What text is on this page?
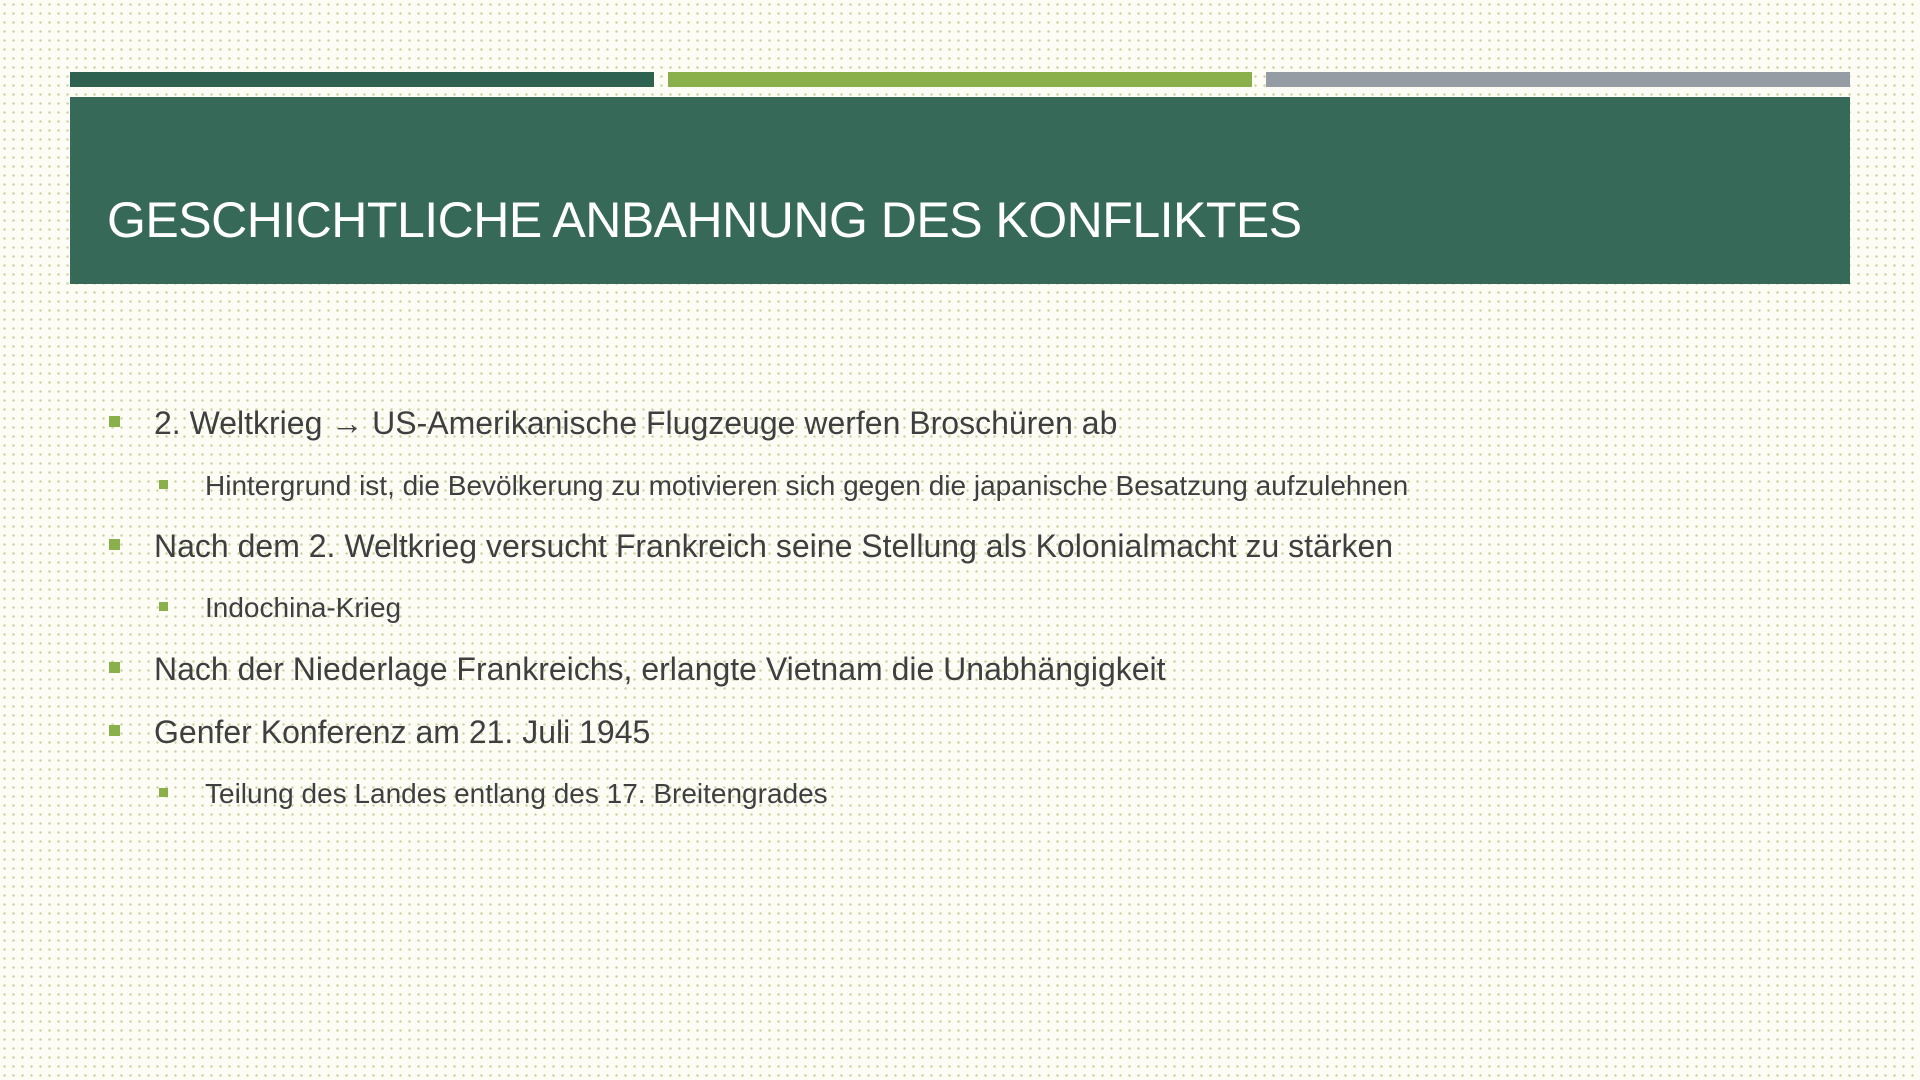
GESCHICHTLICHE ANBAHNUNG DES KONFLIKTES
2. Weltkrieg → US-Amerikanische Flugzeuge werfen Broschüren ab
Hintergrund ist, die Bevölkerung zu motivieren sich gegen die japanische Besatzung aufzulehnen
Nach dem 2. Weltkrieg versucht Frankreich seine Stellung als Kolonialmacht zu stärken
Indochina-Krieg
Nach der Niederlage Frankreichs, erlangte Vietnam die Unabhängigkeit
Genfer Konferenz am 21. Juli 1945
Teilung des Landes entlang des 17. Breitengrades
